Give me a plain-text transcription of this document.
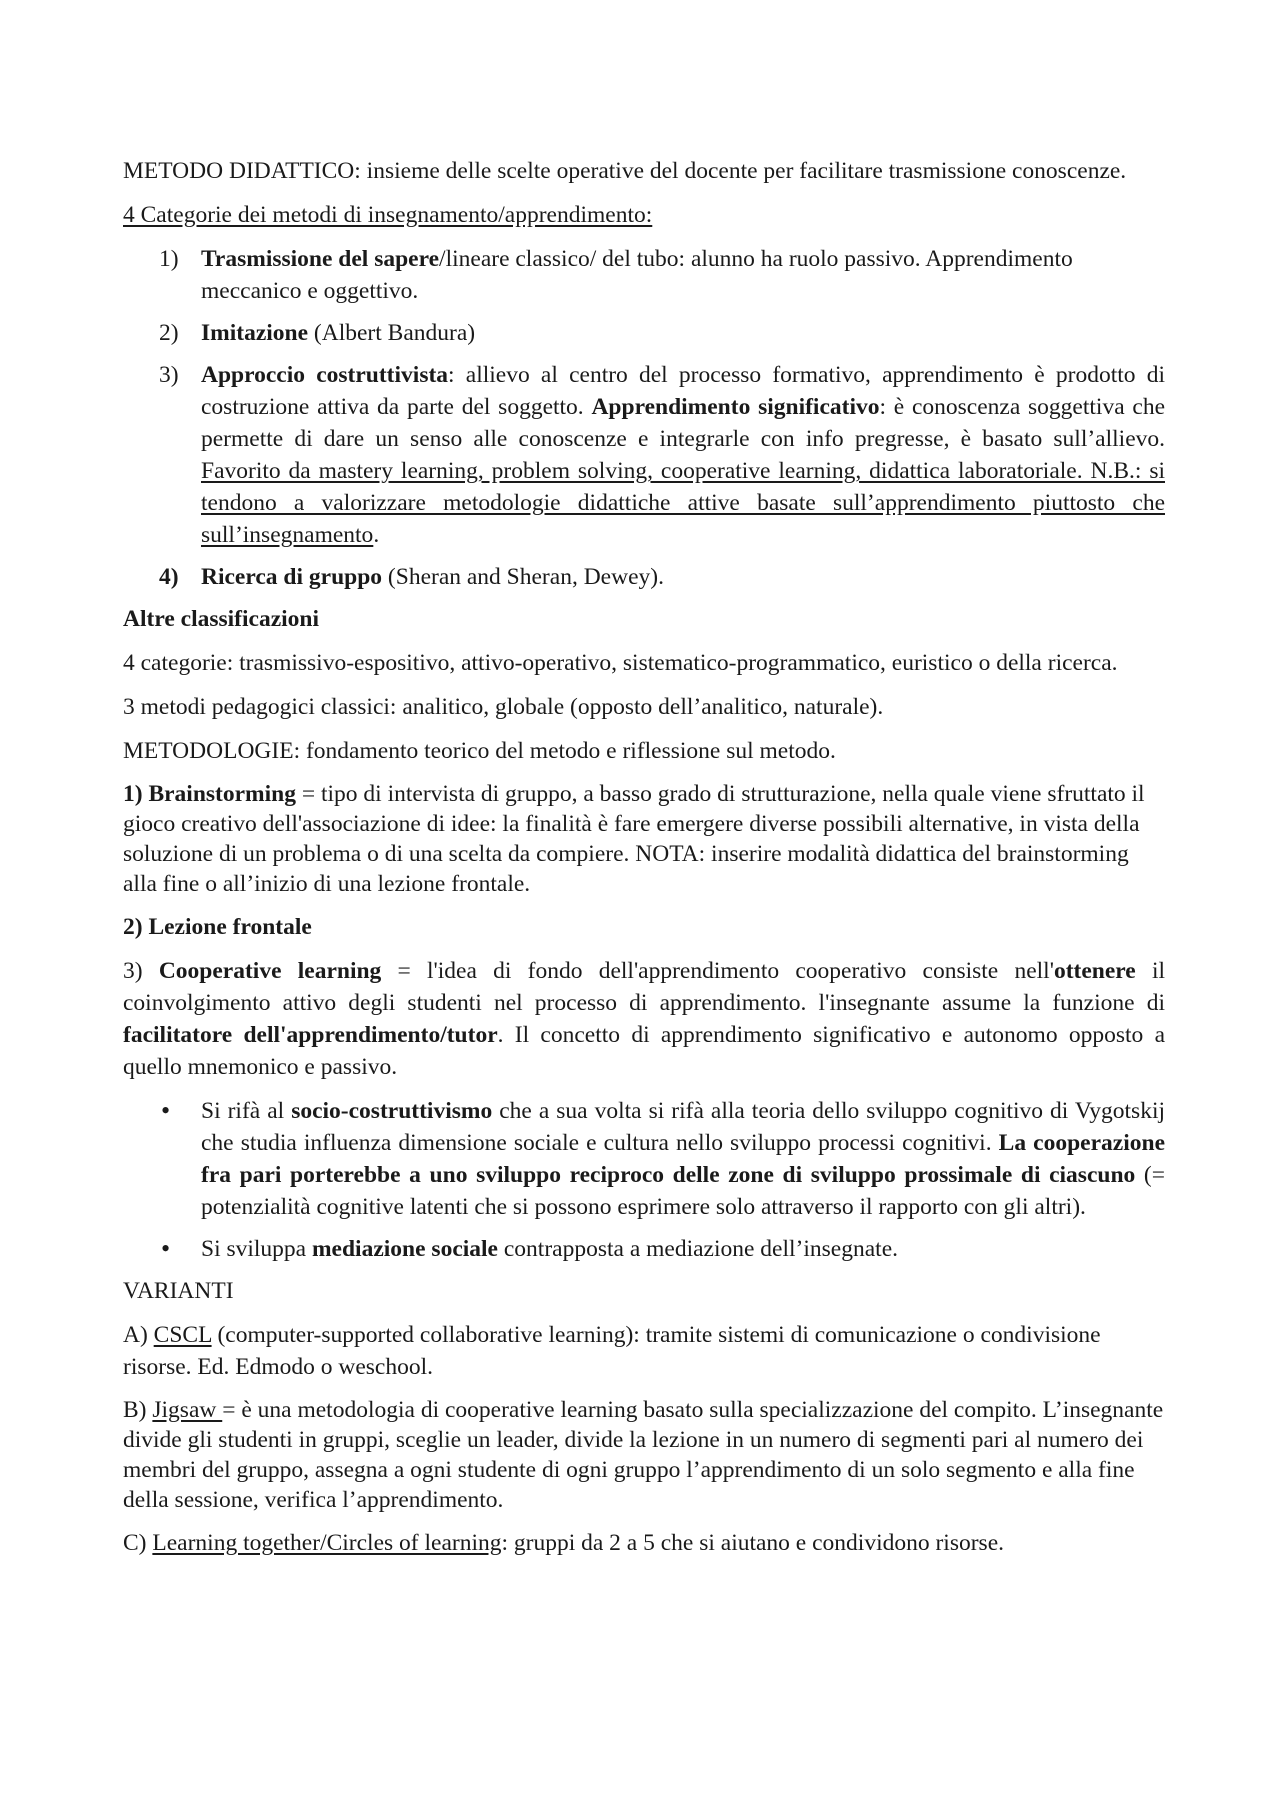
METODO DIDATTICO: insieme delle scelte operative del docente per facilitare trasmissione conoscenze.

4 Categorie dei metodi di insegnamento/apprendimento:

1) Trasmissione del sapere/lineare classico/ del tubo: alunno ha ruolo passivo. Apprendimento meccanico e oggettivo.
2) Imitazione (Albert Bandura)
3) Approccio costruttivista: allievo al centro del processo formativo, apprendimento è prodotto di costruzione attiva da parte del soggetto. Apprendimento significativo: è conoscenza soggettiva che permette di dare un senso alle conoscenze e integrarle con info pregresse, è basato sull’allievo. Favorito da mastery learning, problem solving, cooperative learning, didattica laboratoriale. N.B.: si tendono a valorizzare metodologie didattiche attive basate sull’apprendimento piuttosto che sull’insegnamento.
4) Ricerca di gruppo (Sheran and Sheran, Dewey).

Altre classificazioni

4 categorie: trasmissivo-espositivo, attivo-operativo, sistematico-programmatico, euristico o della ricerca.

3 metodi pedagogici classici: analitico, globale (opposto dell’analitico, naturale).

METODOLOGIE: fondamento teorico del metodo e riflessione sul metodo.

1) Brainstorming = tipo di intervista di gruppo, a basso grado di strutturazione, nella quale viene sfruttato il gioco creativo dell'associazione di idee: la finalità è fare emergere diverse possibili alternative, in vista della soluzione di un problema o di una scelta da compiere. NOTA: inserire modalità didattica del brainstorming alla fine o all’inizio di una lezione frontale.

2) Lezione frontale

3) Cooperative learning = l'idea di fondo dell'apprendimento cooperativo consiste nell'ottenere il coinvolgimento attivo degli studenti nel processo di apprendimento. l'insegnante assume la funzione di facilitatore dell'apprendimento/tutor. Il concetto di apprendimento significativo e autonomo opposto a quello mnemonico e passivo.

• Si rifà al socio-costruttivismo che a sua volta si rifà alla teoria dello sviluppo cognitivo di Vygotskij che studia influenza dimensione sociale e cultura nello sviluppo processi cognitivi. La cooperazione fra pari porterebbe a uno sviluppo reciproco delle zone di sviluppo prossimale di ciascuno (= potenzialità cognitive latenti che si possono esprimere solo attraverso il rapporto con gli altri).
• Si sviluppa mediazione sociale contrapposta a mediazione dell’insegnate.

VARIANTI

A) CSCL (computer-supported collaborative learning): tramite sistemi di comunicazione o condivisione risorse. Ed. Edmodo o weschool.

B) Jigsaw = è una metodologia di cooperative learning basato sulla specializzazione del compito. L’insegnante divide gli studenti in gruppi, sceglie un leader, divide la lezione in un numero di segmenti pari al numero dei membri del gruppo, assegna a ogni studente di ogni gruppo l’apprendimento di un solo segmento e alla fine della sessione, verifica l’apprendimento.

C) Learning together/Circles of learning: gruppi da 2 a 5 che si aiutano e condividono risorse.
